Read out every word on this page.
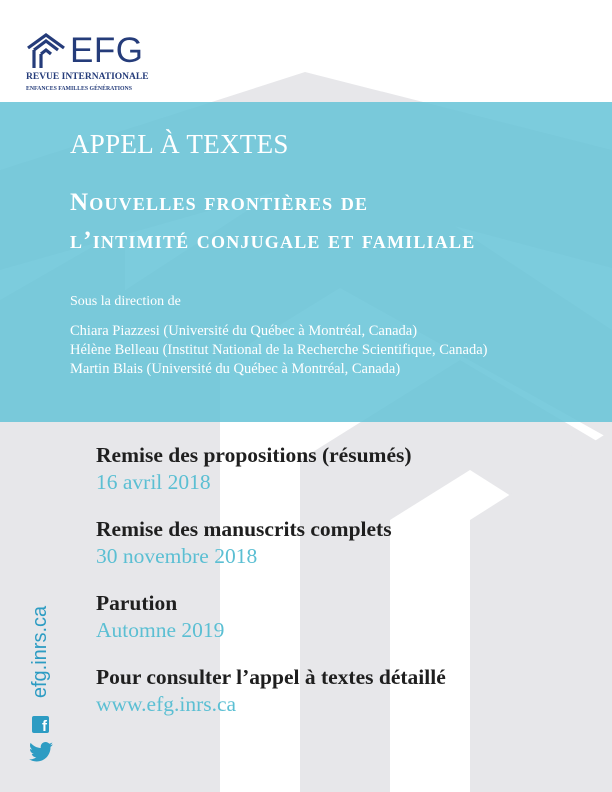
EFG
REVUE INTERNATIONALE
ENFANCES FAMILLES GÉNÉRATIONS
APPEL À TEXTES
Nouvelles frontières de
l’intimité conjugale et familiale
Sous la direction de
Chiara Piazzesi (Université du Québec à Montréal, Canada)
Hélène Belleau (Institut National de la Recherche Scientifique, Canada)
Martin Blais (Université du Québec à Montréal, Canada)
Remise des propositions (résumés)
16 avril 2018
Remise des manuscrits complets
30 novembre 2018
Parution
Automne 2019
Pour consulter l’appel à textes détaillé
www.efg.inrs.ca
efg.inrs.ca
f
